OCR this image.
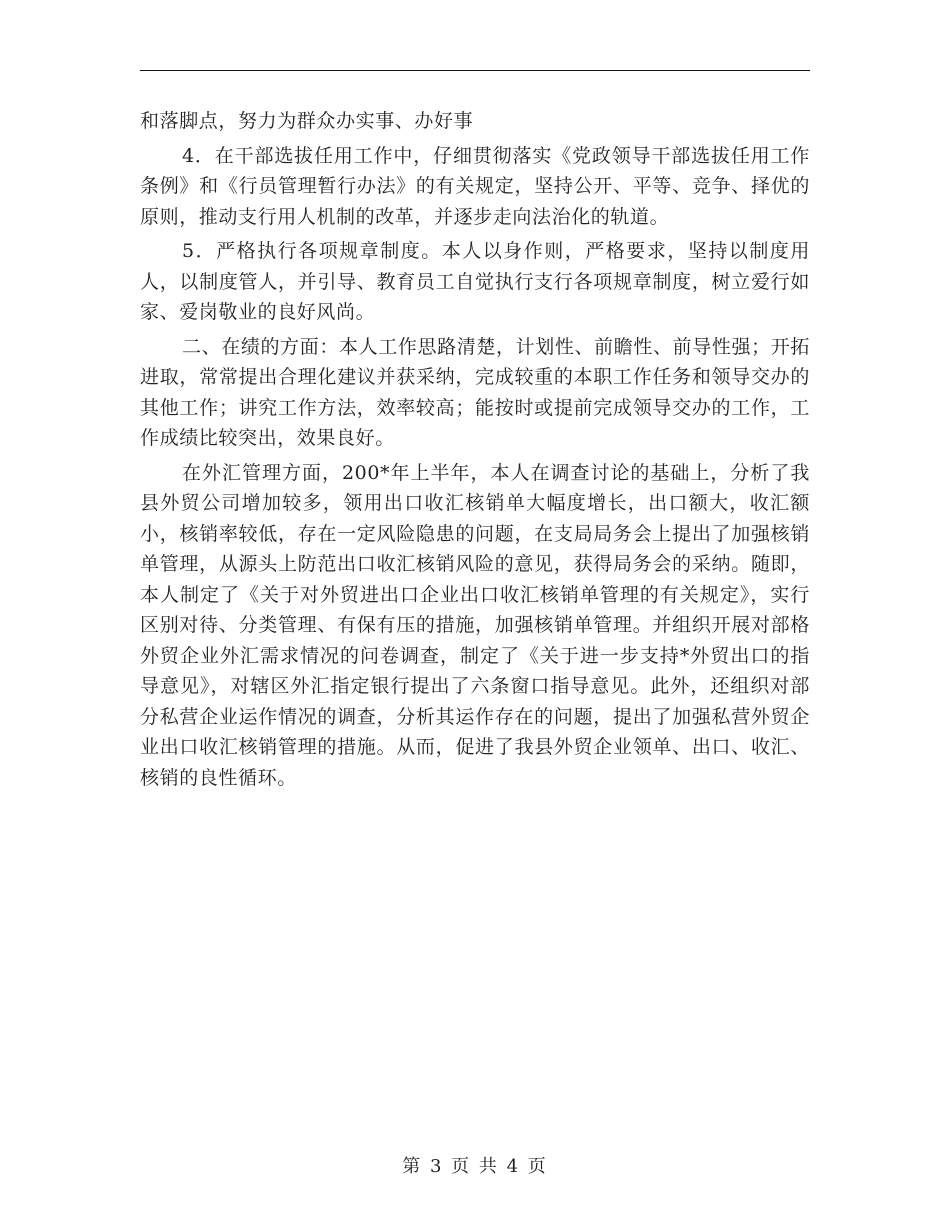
和落脚点，努力为群众办实事、办好事

4．在干部选拔任用工作中，仔细贯彻落实《党政领导干部选拔任用工作条例》和《行员管理暂行办法》的有关规定，坚持公开、平等、竞争、择优的原则，推动支行用人机制的改革，并逐步走向法治化的轨道。

5．严格执行各项规章制度。本人以身作则，严格要求，坚持以制度用人，以制度管人，并引导、教育员工自觉执行支行各项规章制度，树立爱行如家、爱岗敬业的良好风尚。

二、在绩的方面：本人工作思路清楚，计划性、前瞻性、前导性强；开拓进取，常常提出合理化建议并获采纳，完成较重的本职工作任务和领导交办的其他工作；讲究工作方法，效率较高；能按时或提前完成领导交办的工作，工作成绩比较突出，效果良好。

在外汇管理方面，200*年上半年，本人在调查讨论的基础上，分析了我县外贸公司增加较多，领用出口收汇核销单大幅度增长，出口额大，收汇额小，核销率较低，存在一定风险隐患的问题，在支局局务会上提出了加强核销单管理，从源头上防范出口收汇核销风险的意见，获得局务会的采纳。随即，本人制定了《关于对外贸进出口企业出口收汇核销单管理的有关规定》，实行区别对待、分类管理、有保有压的措施，加强核销单管理。并组织开展对部格外贸企业外汇需求情况的问卷调查，制定了《关于进一步支持*外贸出口的指导意见》，对辖区外汇指定银行提出了六条窗口指导意见。此外，还组织对部分私营企业运作情况的调查，分析其运作存在的问题，提出了加强私营外贸企业出口收汇核销管理的措施。从而，促进了我县外贸企业领单、出口、收汇、核销的良性循环。

第 3 页 共 4 页
